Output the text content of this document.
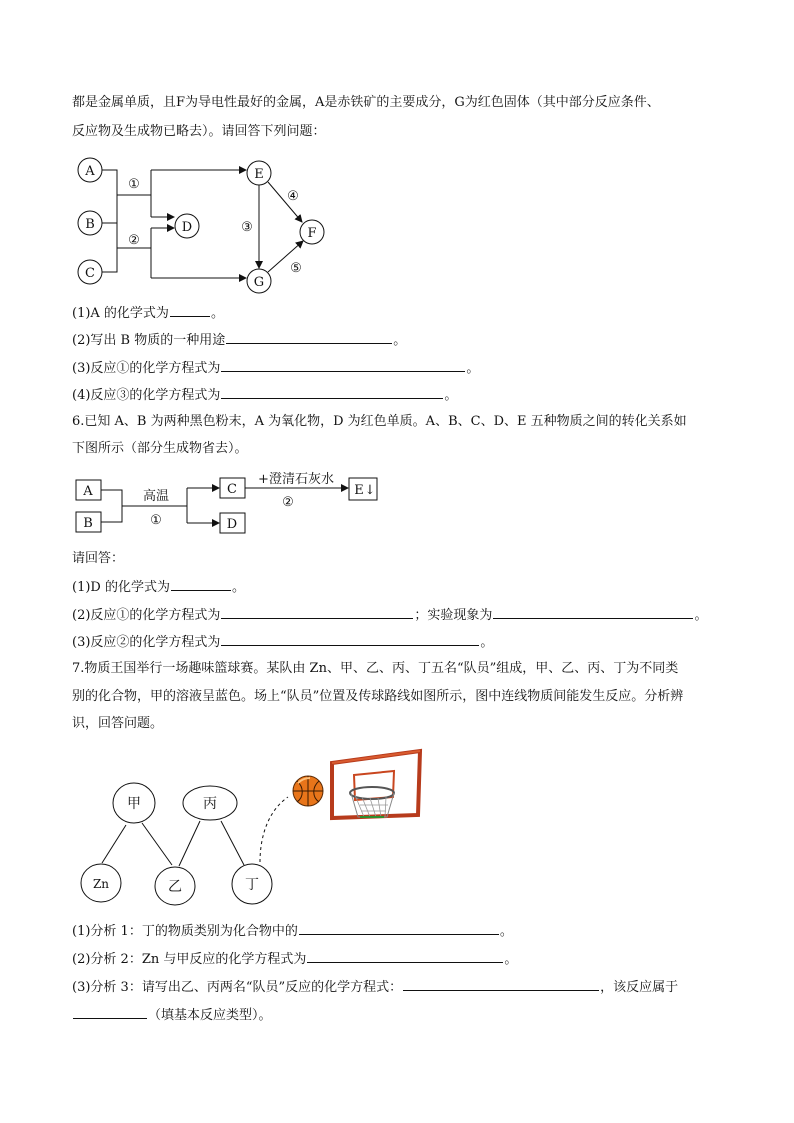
都是金属单质，且F为导电性最好的金属，A是赤铁矿的主要成分，G为红色固体（其中部分反应条件、
反应物及生成物已略去）。请回答下列问题：
A
B
C
D
E
F
G
①
②
③
④
⑤
(1)A 的化学式为	。
(2)写出 B 物质的一种用途	。
(3)反应①的化学方程式为	。
(4)反应③的化学方程式为	。
6.已知 A、B 为两种黑色粉末，A 为氧化物，D 为红色单质。A、B、C、D、E 五种物质之间的转化关系如
下图所示（部分生成物省去）。
A
B
C
D
E ↓
高温
①
+澄清石灰水
②
请回答：
(1)D 的化学式为	。
(2)反应①的化学方程式为	；实验现象为	。
(3)反应②的化学方程式为	。
7.物质王国举行一场趣味篮球赛。某队由 Zn、甲、乙、丙、丁五名“队员”组成，甲、乙、丙、丁为不同类
别的化合物，甲的溶液呈蓝色。场上“队员”位置及传球路线如图所示，图中连线物质间能发生反应。分析辨
识，回答问题。
甲	丙
Zn	乙	丁
(1)分析 1：丁的物质类别为化合物中的	。
(2)分析 2：Zn 与甲反应的化学方程式为	。
(3)分析 3：请写出乙、丙两名“队员”反应的化学方程式：	，该反应属于
（填基本反应类型）。
